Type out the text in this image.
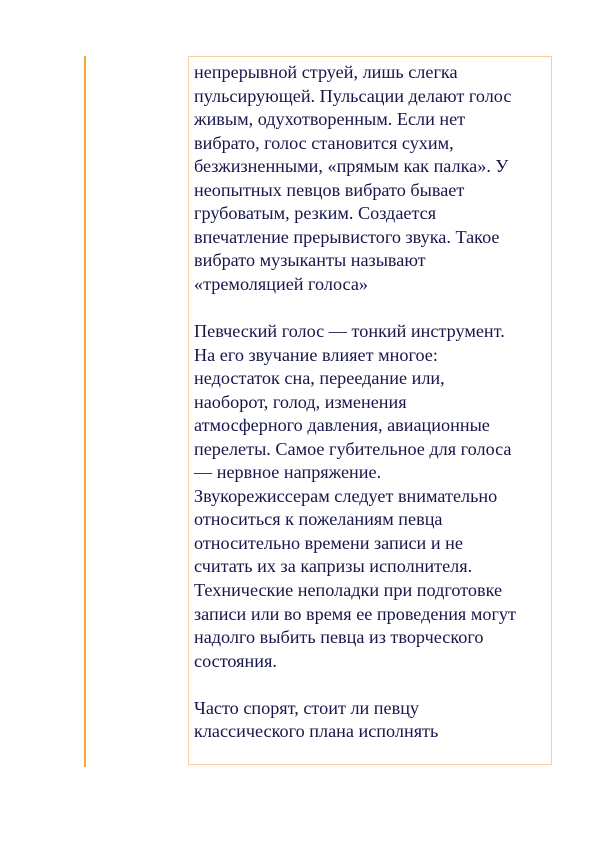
непрерывной струей, лишь слегка
пульсирующей. Пульсации делают голос
живым, одухотворенным. Если нет
вибрато, голос становится сухим,
безжизненными, «прямым как палка». У
неопытных певцов вибрато бывает
грубоватым, резким. Создается
впечатление прерывистого звука. Такое
вибрато музыканты называют
«тремоляцией голоса»

Певческий голос — тонкий инструмент.
На его звучание влияет многое:
недостаток сна, переедание или,
наоборот, голод, изменения
атмосферного давления, авиационные
перелеты. Самое губительное для голоса
— нервное напряжение.
Звукорежиссерам следует внимательно
относиться к пожеланиям певца
относительно времени записи и не
считать их за капризы исполнителя.
Технические неполадки при подготовке
записи или во время ее проведения могут
надолго выбить певца из творческого
состояния.

Часто спорят, стоит ли певцу
классического плана исполнять
